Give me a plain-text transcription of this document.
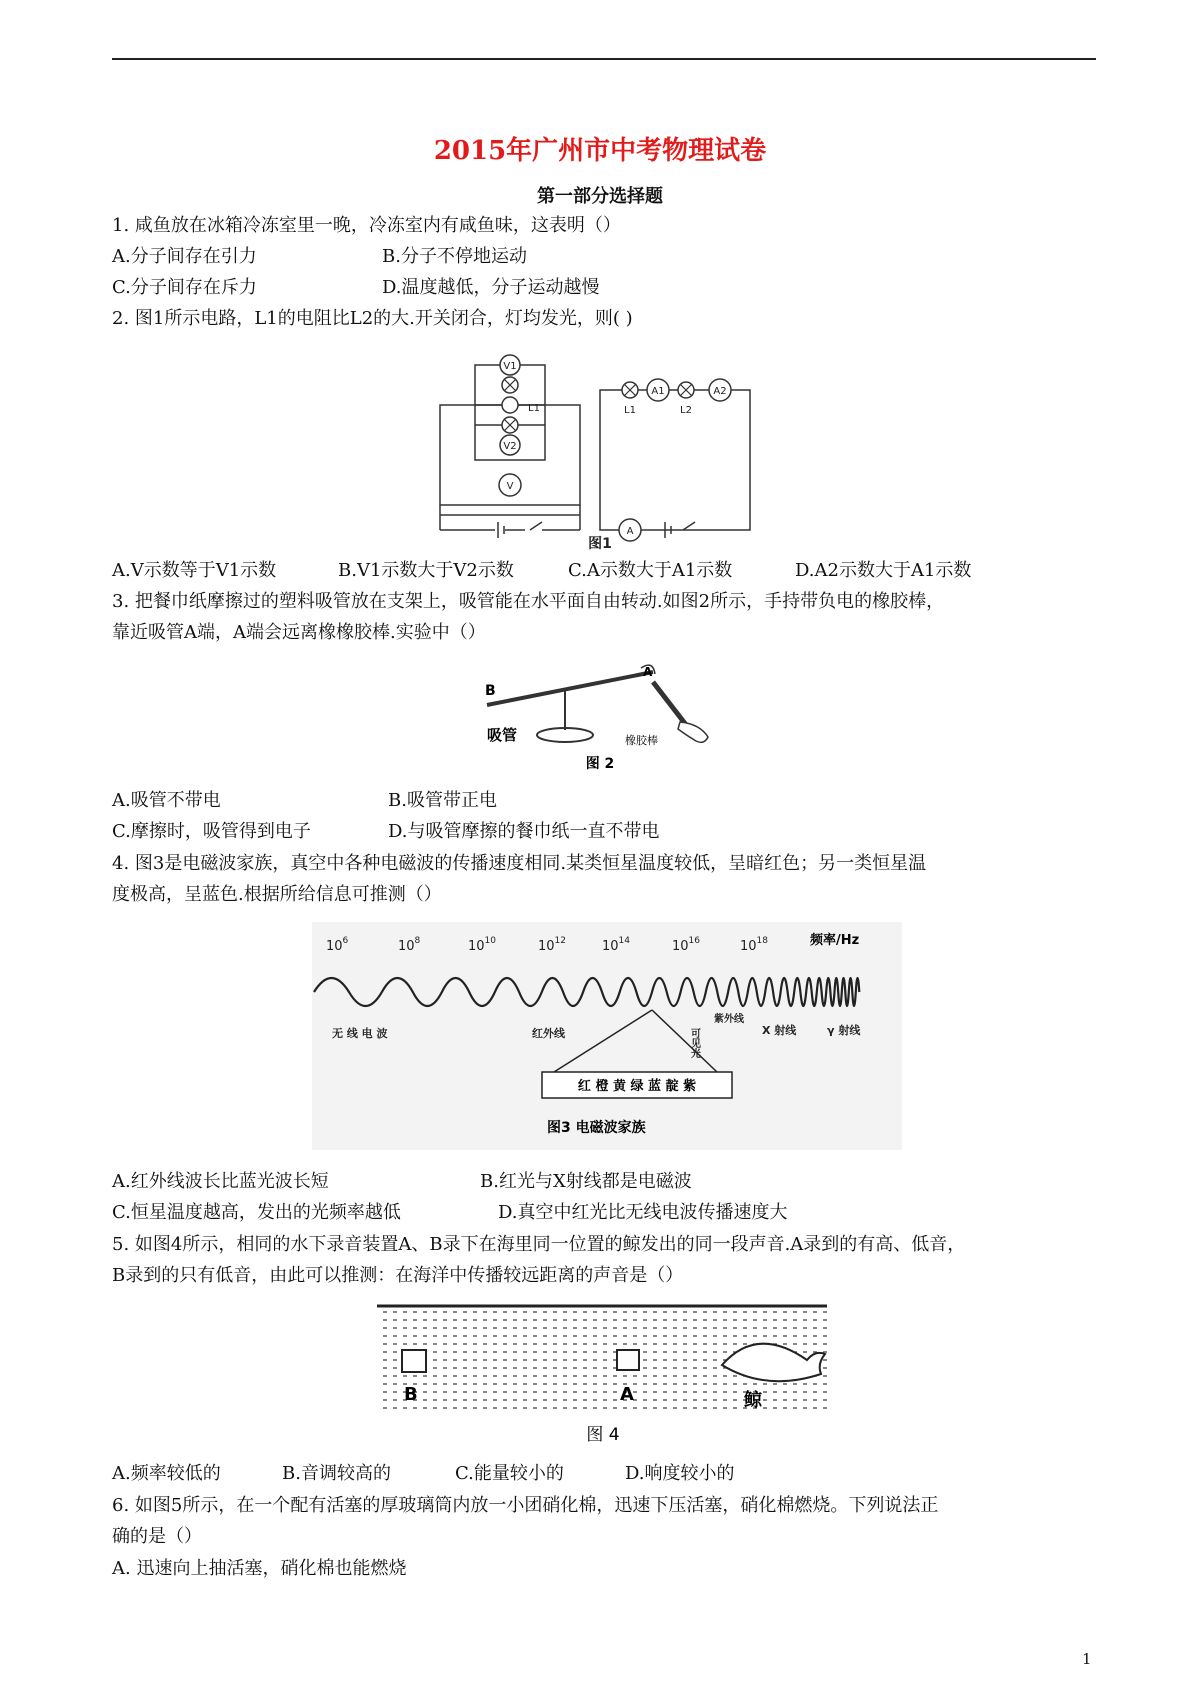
2015年广州市中考物理试卷
第一部分选择题
1. 咸鱼放在冰箱冷冻室里一晚，冷冻室内有咸鱼味，这表明（）
A.分子间存在引力	B.分子不停地运动
C.分子间存在斥力	D.温度越低，分子运动越慢
2. 图1所示电路，L1的电阻比L2的大.开关闭合，灯均发光，则( )
V1
V2
V
L1
A1	A2
A
L1	L2
图1
A.V示数等于V1示数	B.V1示数大于V2示数	C.A示数大于A1示数	D.A2示数大于A1示数
3. 把餐巾纸摩擦过的塑料吸管放在支架上，吸管能在水平面自由转动.如图2所示，手持带负电的橡胶棒，
靠近吸管A端，A端会远离橡橡胶棒.实验中（）
B
A
吸管	橡胶棒
图 2
A.吸管不带电	B.吸管带正电
C.摩擦时，吸管得到电子	D.与吸管摩擦的餐巾纸一直不带电
4. 图3是电磁波家族，真空中各种电磁波的传播速度相同.某类恒星温度较低，呈暗红色；另一类恒星温
度极高，呈蓝色.根据所给信息可推测（）
$10^6$	$10^8$	$10^{10}$	$10^{12}$	$10^{14}$	$10^{16}$	$10^{18}$	频率/Hz
无 线 电 波	红外线
紫外线
X 射线	γ 射线
可见光
红 橙 黄 绿 蓝 靛 紫
图3 电磁波家族
A.红外线波长比蓝光波长短	B.红光与X射线都是电磁波
C.恒星温度越高，发出的光频率越低	D.真空中红光比无线电波传播速度大
5. 如图4所示，相同的水下录音装置A、B录下在海里同一位置的鲸发出的同一段声音.A录到的有高、低音，
B录到的只有低音，由此可以推测：在海洋中传播较远距离的声音是（）
B	A	鲸
图 4
A.频率较低的	B.音调较高的	C.能量较小的	D.响度较小的
6. 如图5所示，在一个配有活塞的厚玻璃筒内放一小团硝化棉，迅速下压活塞，硝化棉燃烧。下列说法正
确的是（）
A. 迅速向上抽活塞，硝化棉也能燃烧
1
